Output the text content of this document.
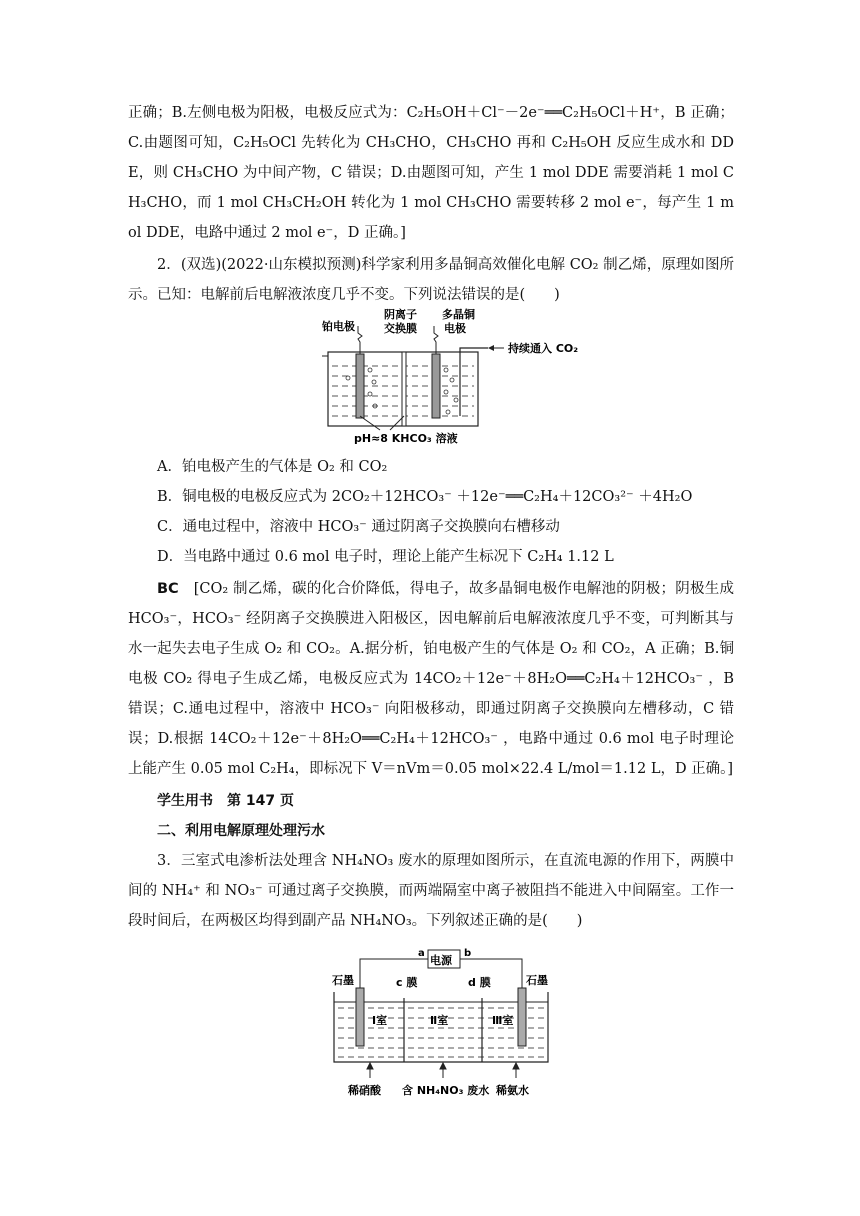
正确；B.左侧电极为阳极，电极反应式为：C₂H₅OH＋Cl⁻－2e⁻══C₂H₅OCl＋H⁺，B 正确；C.由题图可知，C₂H₅OCl 先转化为 CH₃CHO，CH₃CHO 再和 C₂H₅OH 反应生成水和 DDE，则 CH₃CHO 为中间产物，C 错误；D.由题图可知，产生 1 mol DDE 需要消耗 1 mol CH₃CHO，而 1 mol CH₃CH₂OH 转化为 1 mol CH₃CHO 需要转移 2 mol e⁻，每产生 1 mol DDE，电路中通过 2 mol e⁻，D 正确。]

2．(双选)(2022·山东模拟预测)科学家利用多晶铜高效催化电解 CO₂ 制乙烯，原理如图所示。已知：电解前后电解液浓度几乎不变。下列说法错误的是(　　)

铂电极
阴离子
交换膜
多晶铜
电极
持续通入 CO₂
pH≈8 KHCO₃ 溶液

A．铂电极产生的气体是 O₂ 和 CO₂

B．铜电极的电极反应式为 2CO₂＋12HCO₃⁻ ＋12e⁻══C₂H₄＋12CO₃²⁻ ＋4H₂O

C．通电过程中，溶液中 HCO₃⁻ 通过阴离子交换膜向右槽移动

D．当电路中通过 0.6 mol 电子时，理论上能产生标况下 C₂H₄ 1.12 L

BC　[CO₂ 制乙烯，碳的化合价降低，得电子，故多晶铜电极作电解池的阴极；阴极生成 HCO₃⁻，HCO₃⁻ 经阴离子交换膜进入阳极区，因电解前后电解液浓度几乎不变，可判断其与水一起失去电子生成 O₂ 和 CO₂。A.据分析，铂电极产生的气体是 O₂ 和 CO₂，A 正确；B.铜电极 CO₂ 得电子生成乙烯，电极反应式为 14CO₂＋12e⁻＋8H₂O══C₂H₄＋12HCO₃⁻ ，B 错误；C.通电过程中，溶液中 HCO₃⁻ 向阳极移动，即通过阴离子交换膜向左槽移动，C 错误；D.根据 14CO₂＋12e⁻＋8H₂O══C₂H₄＋12HCO₃⁻ ，电路中通过 0.6 mol 电子时理论上能产生 0.05 mol C₂H₄，即标况下 V＝nVm＝0.05 mol×22.4 L/mol＝1.12 L，D 正确。]

学生用书　第 147 页
二、利用电解原理处理污水

3．三室式电渗析法处理含 NH₄NO₃ 废水的原理如图所示，在直流电源的作用下，两膜中间的 NH₄⁺ 和 NO₃⁻ 可通过离子交换膜，而两端隔室中离子被阻挡不能进入中间隔室。工作一段时间后，在两极区均得到副产品 NH₄NO₃。下列叙述正确的是(　　)

电源
a	b
Ⅰ室	Ⅱ室	Ⅲ室
c 膜	d 膜
石墨	石墨
稀硝酸 含 NH₄NO₃ 废水 稀氨水
